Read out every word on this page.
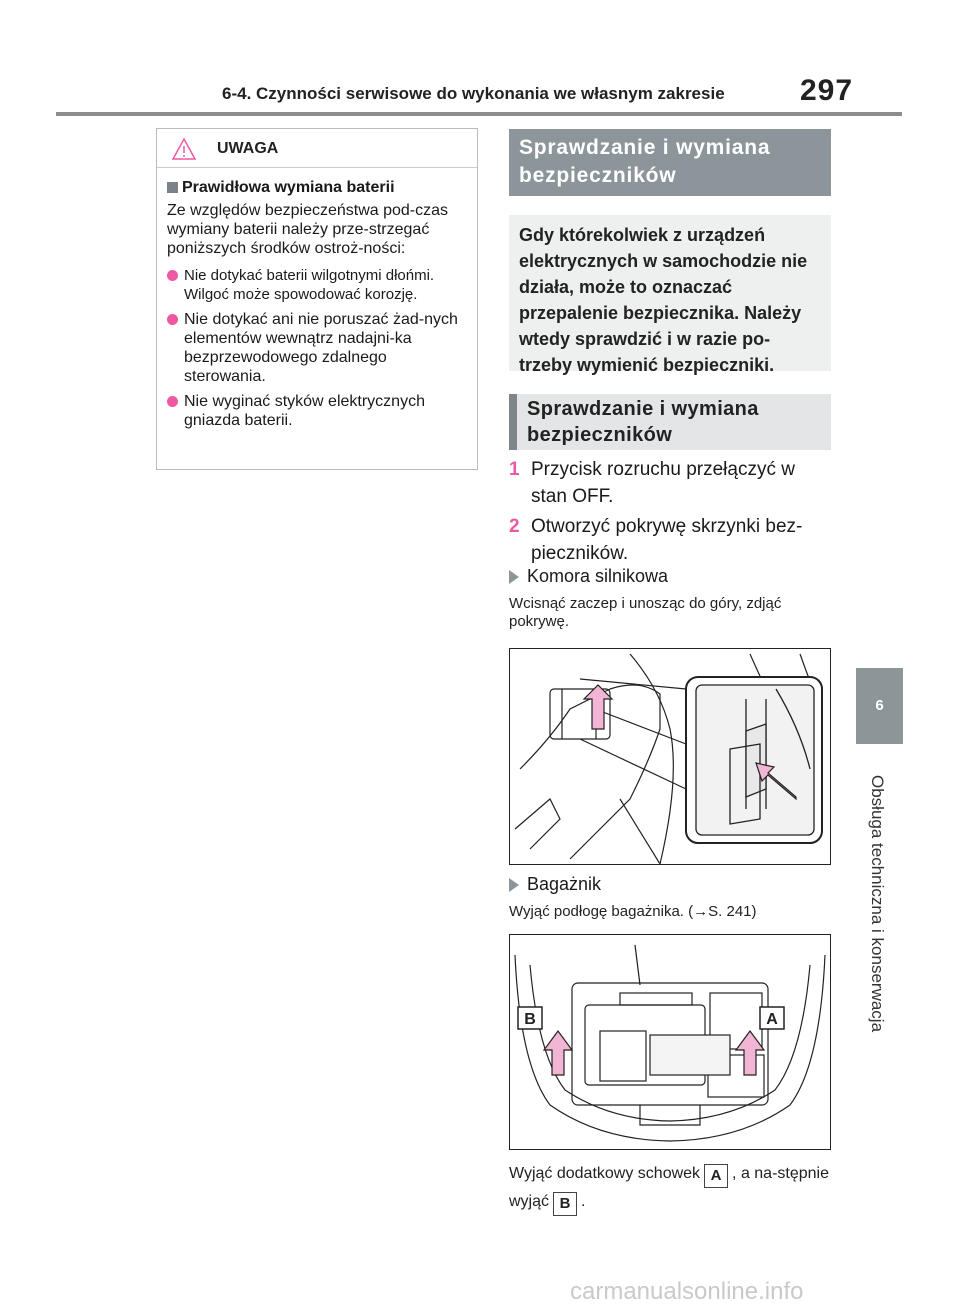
6-4. Czynności serwisowe do wykonania we własnym zakresie	297
6
Obsługa techniczna i konserwacja
UWAGA
Prawidłowa wymiana baterii
Ze względów bezpieczeństwa pod-czas wymiany baterii należy prze-strzegać poniższych środków ostroż-ności:
Nie dotykać baterii wilgotnymi dłońmi. Wilgoć może spowodować korozję.
Nie dotykać ani nie poruszać żad-nych elementów wewnątrz nadajni-ka bezprzewodowego zdalnego sterowania.
Nie wyginać styków elektrycznych gniazda baterii.
Sprawdzanie i wymiana bezpieczników
Gdy którekolwiek z urządzeń elektrycznych w samochodzie nie działa, może to oznaczać przepalenie bezpiecznika. Należy wtedy sprawdzić i w razie po-trzeby wymienić bezpieczniki.
Sprawdzanie i wymiana bezpieczników
1 Przycisk rozruchu przełączyć w stan OFF.
2 Otworzyć pokrywę skrzynki bez-pieczników.
Komora silnikowa
Wcisnąć zaczep i unosząc do góry, zdjąć pokrywę.
Bagażnik
Wyjąć podłogę bagażnika. (→S. 241)
B	A
Wyjąć dodatkowy schowek A , a na-stępnie wyjąć B .
carmanualsonline.info
